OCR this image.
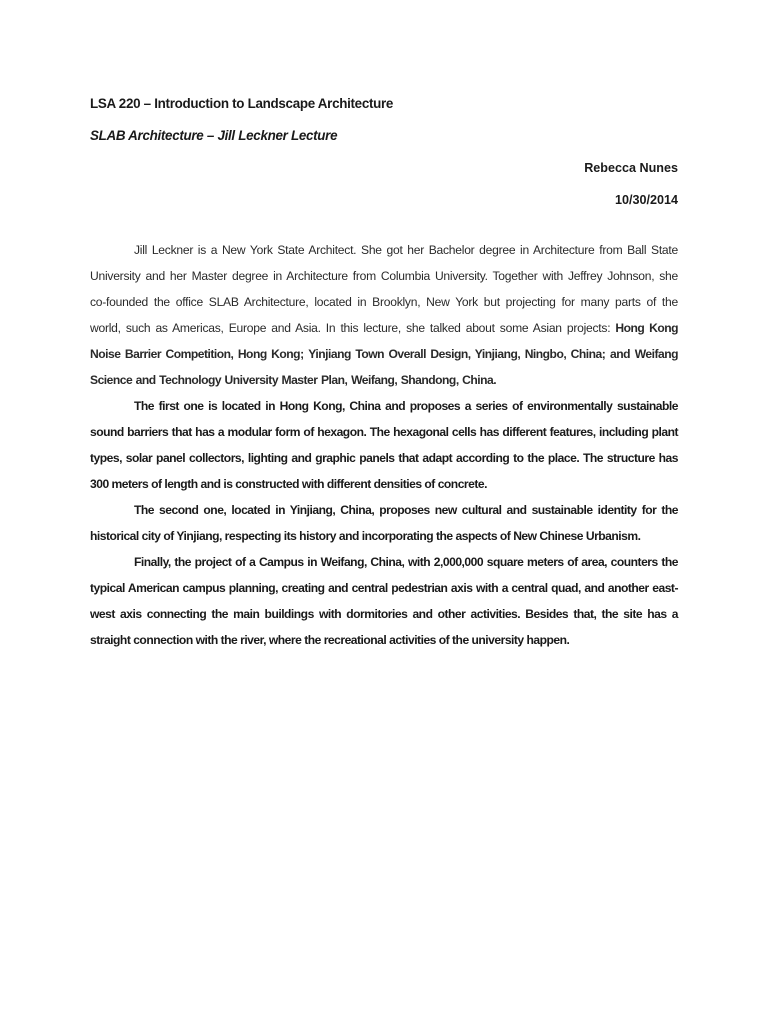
LSA 220 – Introduction to Landscape Architecture

SLAB Architecture – Jill Leckner Lecture

Rebecca Nunes

10/30/2014

Jill Leckner is a New York State Architect. She got her Bachelor degree in Architecture from Ball State University and her Master degree in Architecture from Columbia University. Together with Jeffrey Johnson, she co-founded the office SLAB Architecture, located in Brooklyn, New York but projecting for many parts of the world, such as Americas, Europe and Asia. In this lecture, she talked about some Asian projects: Hong Kong Noise Barrier Competition, Hong Kong; Yinjiang Town Overall Design, Yinjiang, Ningbo, China; and Weifang Science and Technology University Master Plan, Weifang, Shandong, China.

The first one is located in Hong Kong, China and proposes a series of environmentally sustainable sound barriers that has a modular form of hexagon. The hexagonal cells has different features, including plant types, solar panel collectors, lighting and graphic panels that adapt according to the place. The structure has 300 meters of length and is constructed with different densities of concrete.

The second one, located in Yinjiang, China, proposes new cultural and sustainable identity for the historical city of Yinjiang, respecting its history and incorporating the aspects of New Chinese Urbanism.

Finally, the project of a Campus in Weifang, China, with 2,000,000 square meters of area, counters the typical American campus planning, creating and central pedestrian axis with a central quad, and another east-west axis connecting the main buildings with dormitories and other activities. Besides that, the site has a straight connection with the river, where the recreational activities of the university happen.
